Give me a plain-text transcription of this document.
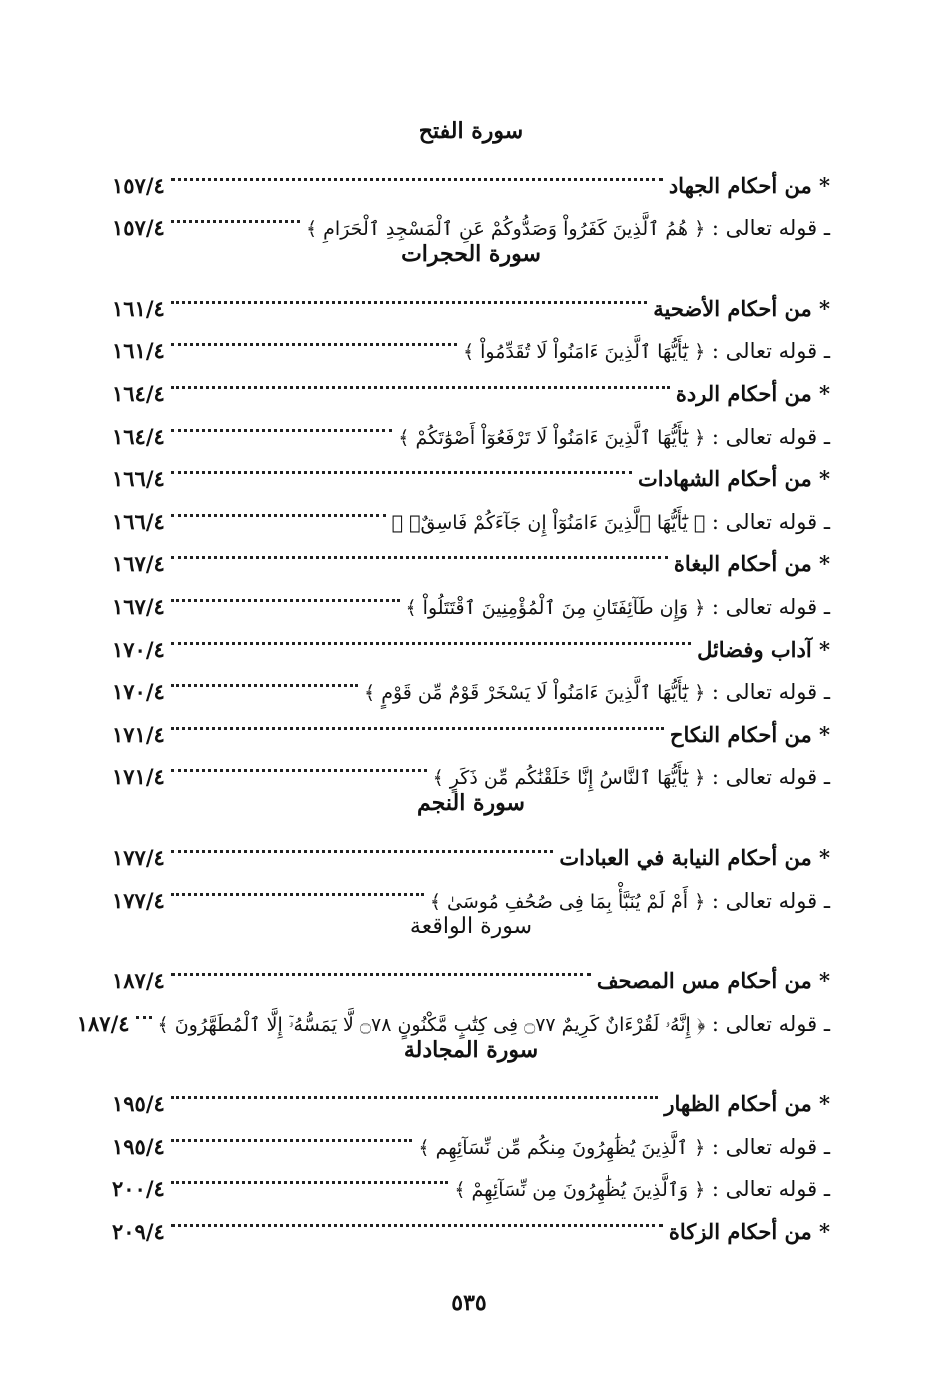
سورة الفتح
* من أحكام الجهاد
١٥٧/٤
ـ قوله تعالى : ﴿ هُمُ ٱلَّذِينَ كَفَرُواْ وَصَدُّوكُمْ عَنِ ٱلْمَسْجِدِ ٱلْحَرَامِ ﴾
١٥٧/٤
سورة الحجرات
* من أحكام الأضحية
١٦١/٤
ـ قوله تعالى : ﴿ يَٰٓأَيُّهَا ٱلَّذِينَ ءَامَنُواْ لَا تُقَدِّمُواْ ﴾
١٦١/٤
* من أحكام الردة
١٦٤/٤
ـ قوله تعالى : ﴿ يَٰٓأَيُّهَا ٱلَّذِينَ ءَامَنُواْ لَا تَرْفَعُوٓاْ أَصْوَٰتَكُمْ ﴾
١٦٤/٤
* من أحكام الشهادات
١٦٦/٤
ـ قوله تعالى : ﴿ يَٰٓأَيُّهَا ٱلَّذِينَ ءَامَنُوٓاْ إِن جَآءَكُمْ فَاسِقٌۢ ﴾
١٦٦/٤
* من أحكام البغاة
١٦٧/٤
ـ قوله تعالى : ﴿ وَإِن طَآئِفَتَانِ مِنَ ٱلْمُؤْمِنِينَ ٱقْتَتَلُواْ ﴾
١٦٧/٤
* آداب وفضائل
١٧٠/٤
ـ قوله تعالى : ﴿ يَٰٓأَيُّهَا ٱلَّذِينَ ءَامَنُواْ لَا يَسْخَرْ قَوْمٌ مِّن قَوْمٍ ﴾
١٧٠/٤
* من أحكام النكاح
١٧١/٤
ـ قوله تعالى : ﴿ يَٰٓأَيُّهَا ٱلنَّاسُ إِنَّا خَلَقْنَٰكُم مِّن ذَكَرٍ ﴾
١٧١/٤
سورة النجم
* من أحكام النيابة في العبادات
١٧٧/٤
ـ قوله تعالى : ﴿ أَمْ لَمْ يُنَبَّأْ بِمَا فِى صُحُفِ مُوسَىٰ ﴾
١٧٧/٤
سورة الواقعة
* من أحكام مس المصحف
١٨٧/٤
ـ قوله تعالى : ﴿ إِنَّهُۥ لَقُرْءَانٌ كَرِيمٌ ۝٧٧ فِى كِتَٰبٍ مَّكْنُونٍ ۝٧٨ لَّا يَمَسُّهُۥٓ إِلَّا ٱلْمُطَهَّرُونَ ﴾
١٨٧/٤
سورة المجادلة
* من أحكام الظهار
١٩٥/٤
ـ قوله تعالى : ﴿ ٱلَّذِينَ يُظَٰهِرُونَ مِنكُم مِّن نِّسَآئِهِم ﴾
١٩٥/٤
ـ قوله تعالى : ﴿ وَٱلَّذِينَ يُظَٰهِرُونَ مِن نِّسَآئِهِمْ ﴾
٢٠٠/٤
* من أحكام الزكاة
٢٠٩/٤
٥٣٥
